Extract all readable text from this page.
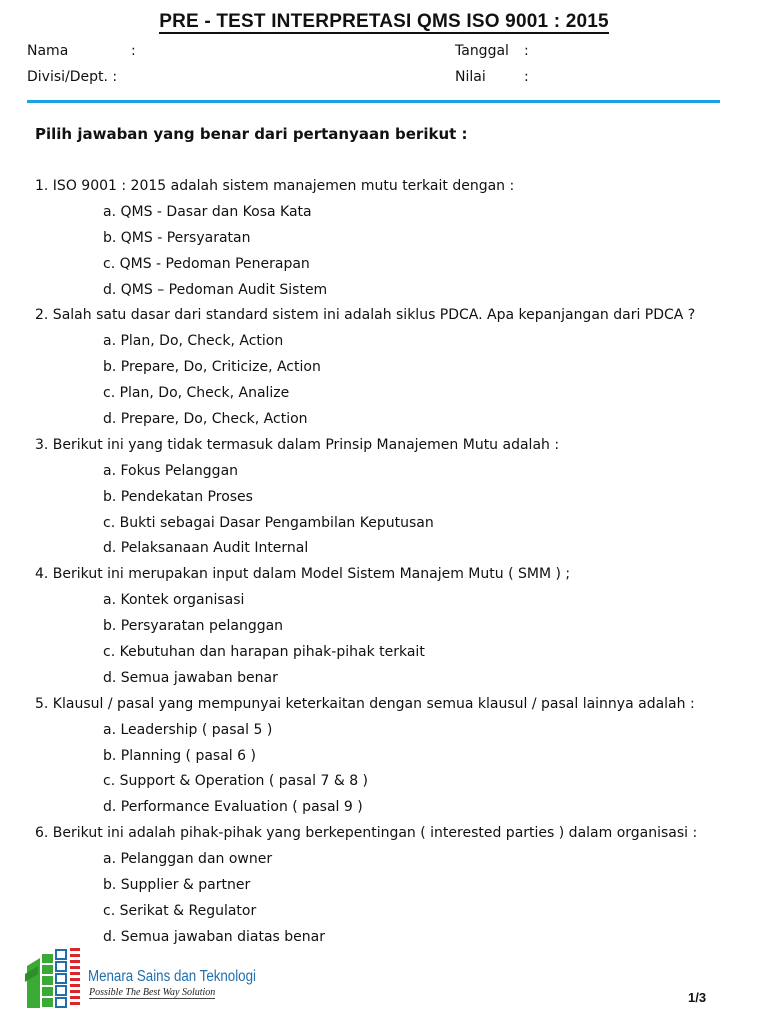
PRE - TEST INTERPRETASI QMS ISO 9001 : 2015
Nama	:
Divisi/Dept. :
Tanggal :
Nilai	:
Pilih jawaban yang benar dari pertanyaan berikut :
1. ISO 9001 : 2015 adalah sistem manajemen mutu terkait dengan :
a. QMS - Dasar dan Kosa Kata
b. QMS - Persyaratan
c. QMS - Pedoman Penerapan
d. QMS – Pedoman Audit Sistem
2. Salah satu dasar dari standard sistem ini adalah siklus PDCA. Apa kepanjangan dari PDCA ?
a. Plan, Do, Check, Action
b. Prepare, Do, Criticize, Action
c. Plan, Do, Check, Analize
d. Prepare, Do, Check, Action
3. Berikut ini yang tidak termasuk dalam Prinsip Manajemen Mutu adalah :
a. Fokus Pelanggan
b. Pendekatan Proses
c. Bukti sebagai Dasar Pengambilan Keputusan
d. Pelaksanaan Audit Internal
4. Berikut ini merupakan input dalam Model Sistem Manajem Mutu ( SMM ) ;
a. Kontek organisasi
b. Persyaratan pelanggan
c. Kebutuhan dan harapan pihak-pihak terkait
d. Semua jawaban benar
5. Klausul / pasal yang mempunyai keterkaitan dengan semua klausul / pasal lainnya adalah :
a. Leadership ( pasal 5 )
b. Planning ( pasal 6 )
c. Support & Operation ( pasal 7 & 8 )
d. Performance Evaluation ( pasal 9 )
6. Berikut ini adalah pihak-pihak yang berkepentingan ( interested parties ) dalam organisasi :
a. Pelanggan dan owner
b. Supplier & partner
c. Serikat & Regulator
d. Semua jawaban diatas benar
Menara Sains dan Teknologi
Possible The Best Way Solution	1/3
